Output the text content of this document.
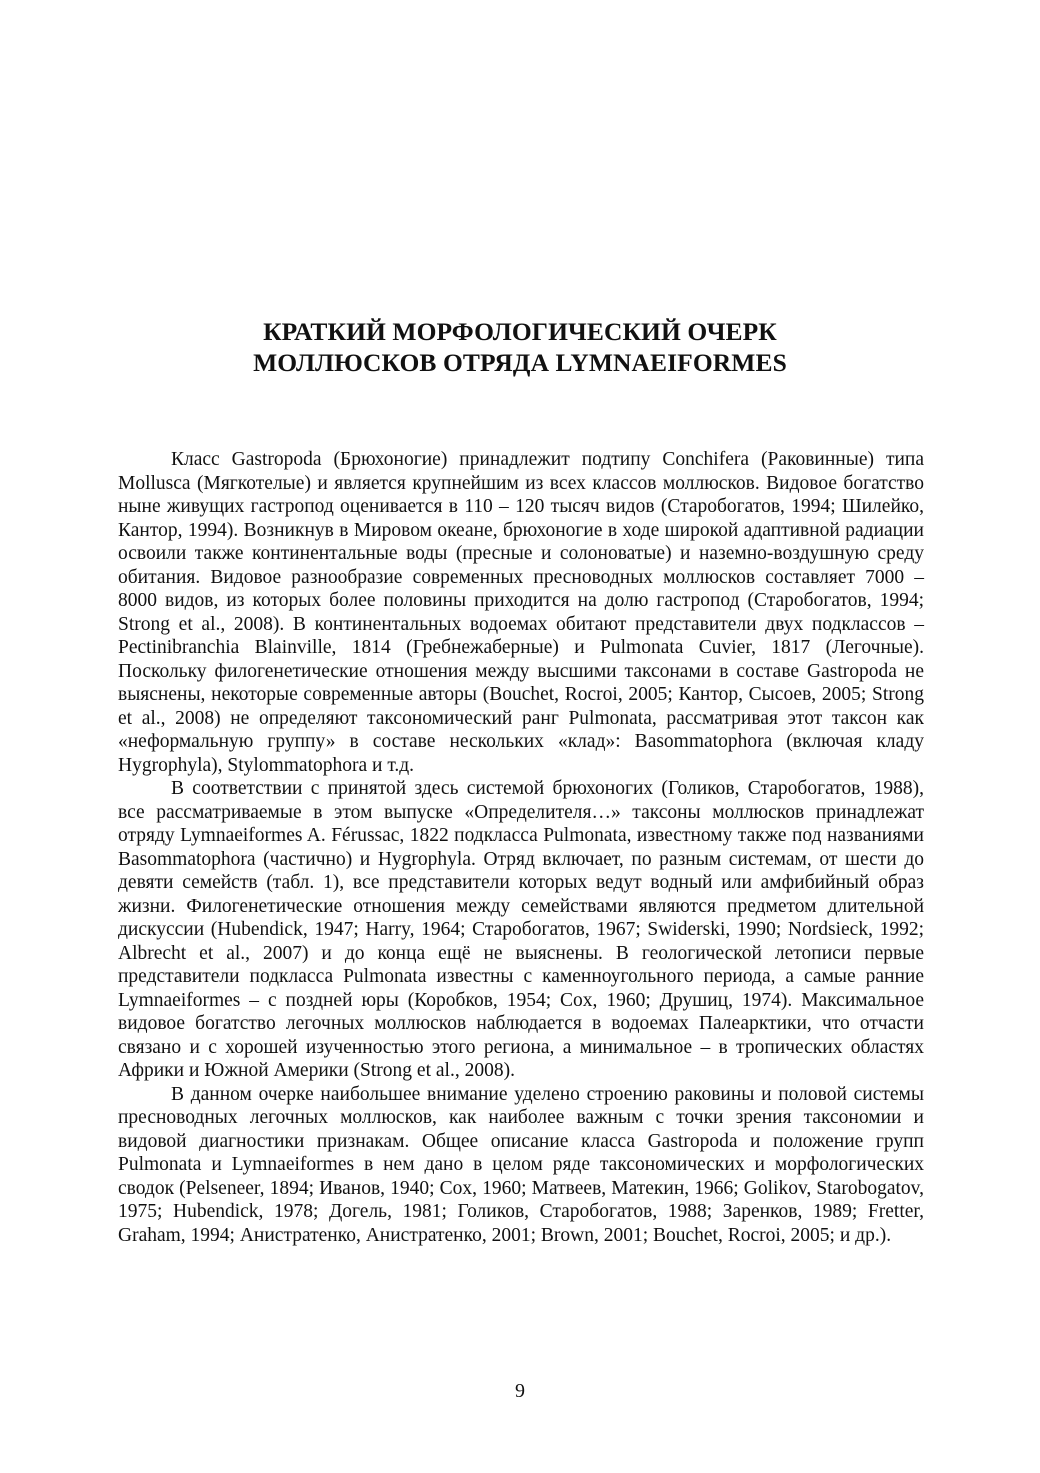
КРАТКИЙ МОРФОЛОГИЧЕСКИЙ ОЧЕРК
МОЛЛЮСКОВ ОТРЯДА LYMNAEIFORMES

Класс Gastropoda (Брюхоногие) принадлежит подтипу Conchifera (Раковинные) типа Mollusca (Мягкотелые) и является крупнейшим из всех классов моллюсков. Видовое богатство ныне живущих гастропод оценивается в 110 – 120 тысяч видов (Старобогатов, 1994; Шилейко, Кантор, 1994). Возникнув в Мировом океане, брюхоногие в ходе широкой адаптивной радиации освоили также континентальные воды (пресные и солоноватые) и наземно-воздушную среду обитания. Видовое разнообразие современных пресноводных моллюсков составляет 7000 – 8000 видов, из которых более половины приходится на долю гастропод (Старобогатов, 1994; Strong et al., 2008). В континентальных водоемах обитают представители двух подклассов – Pectinibranchia Blainville, 1814 (Гребнежаберные) и Pulmonata Cuvier, 1817 (Легочные). Поскольку филогенетические отношения между высшими таксонами в составе Gastropoda не выяснены, некоторые современные авторы (Bouchet, Rocroi, 2005; Кантор, Сысоев, 2005; Strong et al., 2008) не определяют таксономический ранг Pulmonata, рассматривая этот таксон как «неформальную группу» в составе нескольких «клад»: Basommatophora (включая кладу Hygrophyla), Stylommatophora и т.д.

В соответствии с принятой здесь системой брюхоногих (Голиков, Старобогатов, 1988), все рассматриваемые в этом выпуске «Определителя…» таксоны моллюсков принадлежат отряду Lymnaeiformes A. Férussac, 1822 подкласса Pulmonata, известному также под названиями Basommatophora (частично) и Hygrophyla. Отряд включает, по разным системам, от шести до девяти семейств (табл. 1), все представители которых ведут водный или амфибийный образ жизни. Филогенетические отношения между семействами являются предметом длительной дискуссии (Hubendick, 1947; Harry, 1964; Старобогатов, 1967; Swiderski, 1990; Nordsieck, 1992; Albrecht et al., 2007) и до конца ещё не выяснены. В геологической летописи первые представители подкласса Pulmonata известны с каменноугольного периода, а самые ранние Lymnaeiformes – с поздней юры (Коробков, 1954; Cox, 1960; Друшиц, 1974). Максимальное видовое богатство легочных моллюсков наблюдается в водоемах Палеарктики, что отчасти связано и с хорошей изученностью этого региона, а минимальное – в тропических областях Африки и Южной Америки (Strong et al., 2008).

В данном очерке наибольшее внимание уделено строению раковины и половой системы пресноводных легочных моллюсков, как наиболее важным с точки зрения таксономии и видовой диагностики признакам. Общее описание класса Gastropoda и положение групп Pulmonata и Lymnaeiformes в нем дано в целом ряде таксономических и морфологических сводок (Pelseneer, 1894; Иванов, 1940; Cox, 1960; Матвеев, Матекин, 1966; Golikov, Starobogatov, 1975; Hubendick, 1978; Догель, 1981; Голиков, Старобогатов, 1988; Заренков, 1989; Fretter, Graham, 1994; Анистратенко, Анистратенко, 2001; Brown, 2001; Bouchet, Rocroi, 2005; и др.).

9
